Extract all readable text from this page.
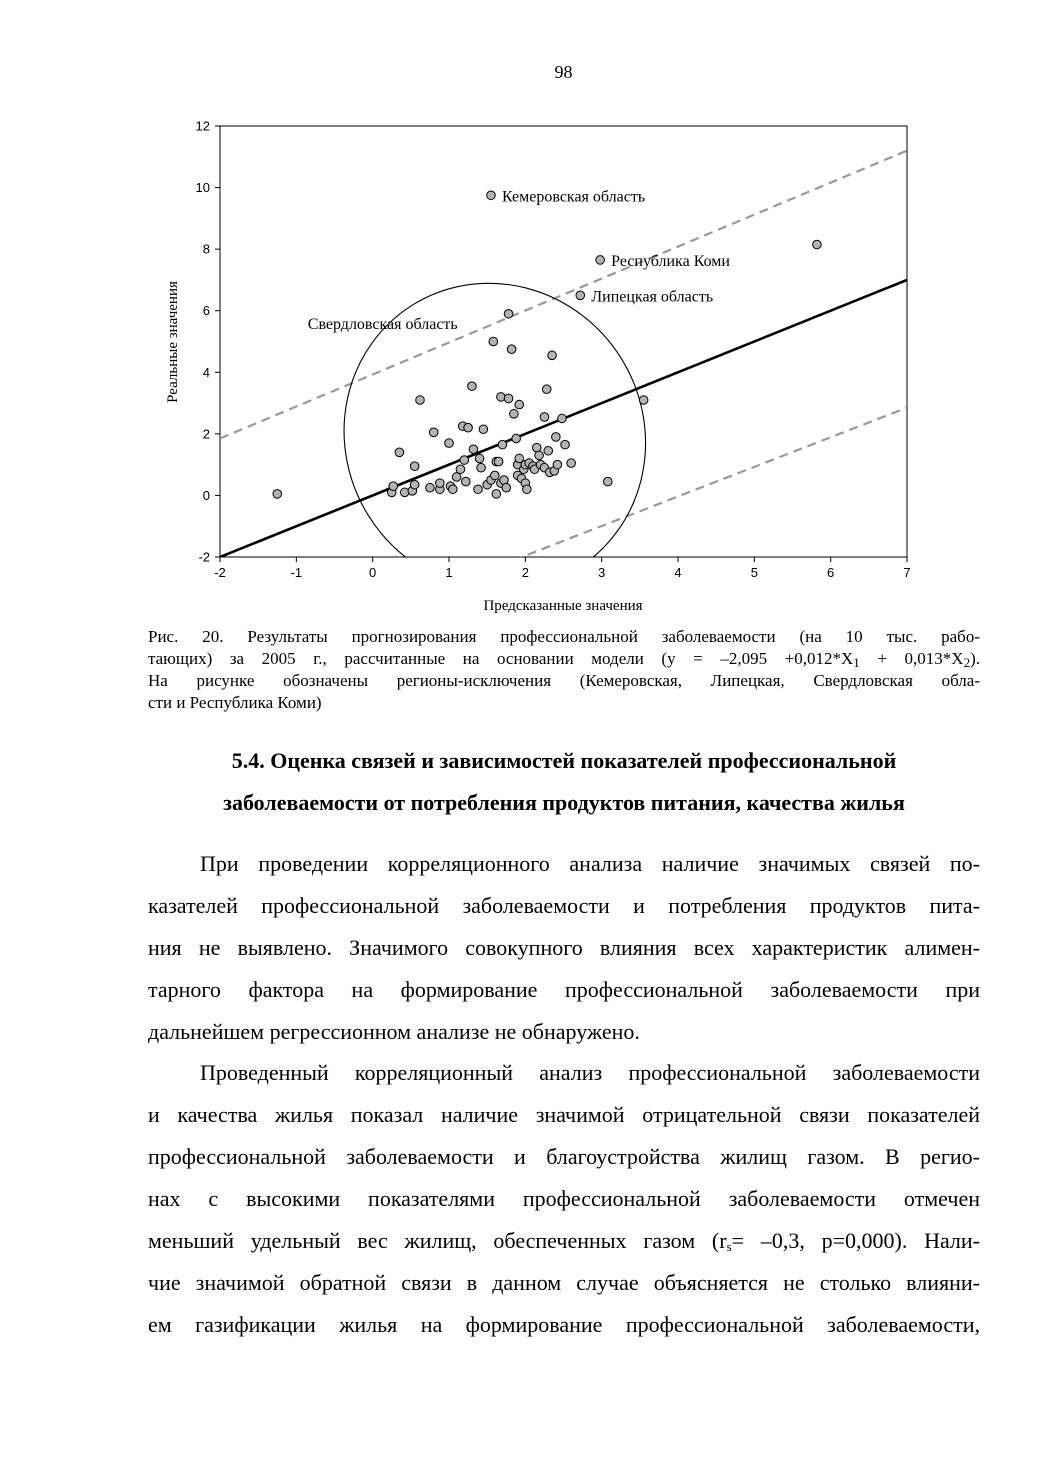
98
-2	-1	0	1	2	3	4	5	6	7
-2
0
2
4
6
8
10
12
Кемеровская область
Республика Коми
Липецкая область
Свердловская область
Предсказанные значения
Реальные значения
Рис. 20. Результаты прогнозирования профессиональной заболеваемости (на 10 тыс. рабо-
тающих) за 2005 г., рассчитанные на основании модели $(y = -2,095 +0,012*X_1 + 0,013*X_2)$.
На рисунке обозначены регионы-исключения (Кемеровская, Липецкая, Свердловская обла-
сти и Республика Коми)
5.4. Оценка связей и зависимостей показателей профессиональной
заболеваемости от потребления продуктов питания, качества жилья
При проведении корреляционного анализа наличие значимых связей по-
казателей профессиональной заболеваемости и потребления продуктов пита-
ния не выявлено. Значимого совокупного влияния всех характеристик алимен-
тарного фактора на формирование профессиональной заболеваемости при
дальнейшем регрессионном анализе не обнаружено.
Проведенный корреляционный анализ профессиональной заболеваемости
и качества жилья показал наличие значимой отрицательной связи показателей
профессиональной заболеваемости и благоустройства жилищ газом. В регио-
нах с высокими показателями профессиональной заболеваемости отмечен
меньший удельный вес жилищ, обеспеченных газом ($r_s= -0,3$, p=0,000). Нали-
чие значимой обратной связи в данном случае объясняется не столько влияни-
ем газификации жилья на формирование профессиональной заболеваемости,
